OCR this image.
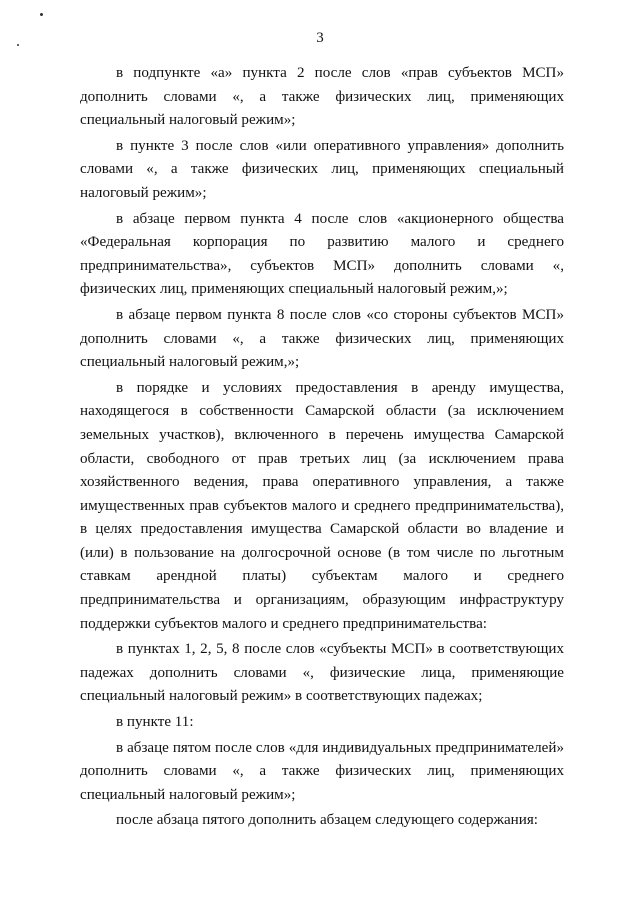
3

в подпункте «а» пункта 2 после слов «прав субъектов МСП» дополнить словами «, а также физических лиц, применяющих специальный налоговый режим»;

в пункте 3 после слов «или оперативного управления» дополнить словами «, а также физических лиц, применяющих специальный налоговый режим»;

в абзаце первом пункта 4 после слов «акционерного общества «Федеральная корпорация по развитию малого и среднего предпринимательства», субъектов МСП» дополнить словами «, физических лиц, применяющих специальный налоговый режим,»;

в абзаце первом пункта 8 после слов «со стороны субъектов МСП» дополнить словами «, а также физических лиц, применяющих специальный налоговый режим,»;

в порядке и условиях предоставления в аренду имущества, находящегося в собственности Самарской области (за исключением земельных участков), включенного в перечень имущества Самарской области, свободного от прав третьих лиц (за исключением права хозяйственного ведения, права оперативного управления, а также имущественных прав субъектов малого и среднего предпринимательства), в целях предоставления имущества Самарской области во владение и (или) в пользование на долгосрочной основе (в том числе по льготным ставкам арендной платы) субъектам малого и среднего предпринимательства и организациям, образующим инфраструктуру поддержки субъектов малого и среднего предпринимательства:

в пунктах 1, 2, 5, 8 после слов «субъекты МСП» в соответствующих падежах дополнить словами «, физические лица, применяющие специальный налоговый режим» в соответствующих падежах;

в пункте 11:

в абзаце пятом после слов «для индивидуальных предпринимателей» дополнить словами «, а также физических лиц, применяющих специальный налоговый режим»;

после абзаца пятого дополнить абзацем следующего содержания:
